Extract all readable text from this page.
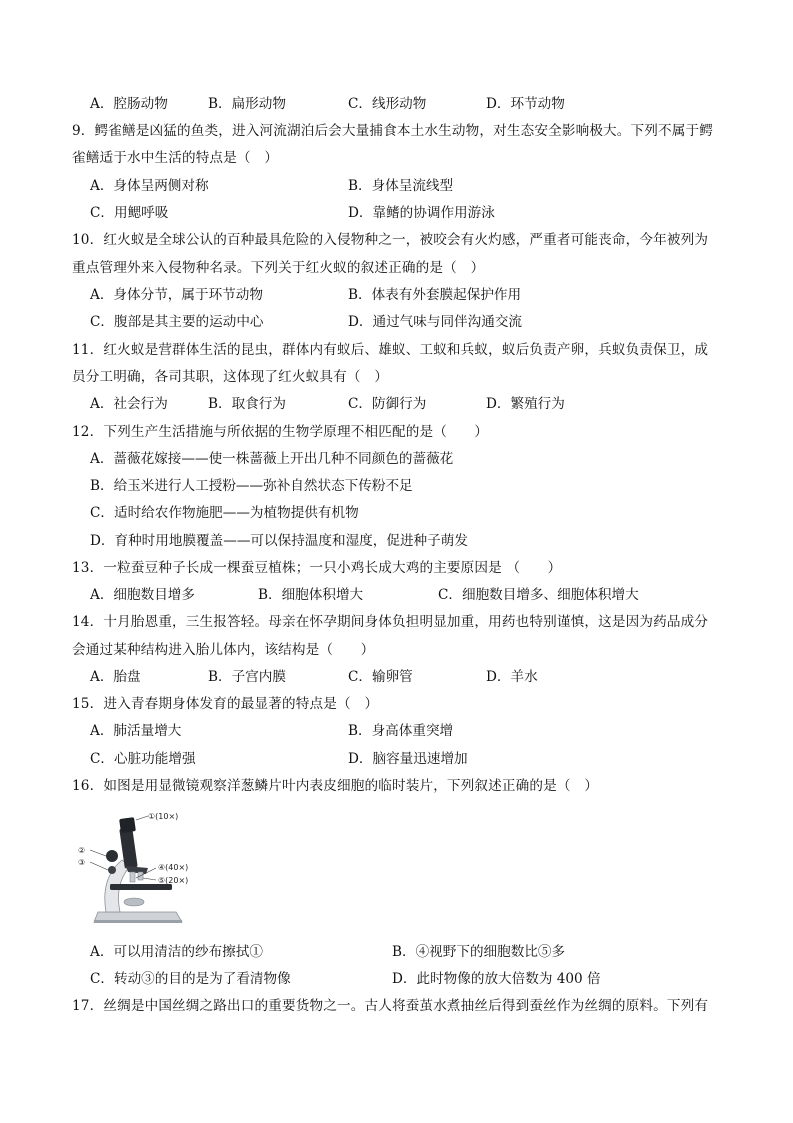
A．腔肠动物	B．扁形动物	C．线形动物	D．环节动物
9．鳄雀鳝是凶猛的鱼类，进入河流湖泊后会大量捕食本土水生动物，对生态安全影响极大。下列不属于鳄
雀鳝适于水中生活的特点是（　）
A．身体呈两侧对称	B．身体呈流线型
C．用鳃呼吸	D．靠鳍的协调作用游泳
10．红火蚁是全球公认的百种最具危险的入侵物种之一，被咬会有火灼感，严重者可能丧命，今年被列为
重点管理外来入侵物种名录。下列关于红火蚁的叙述正确的是（　）
A．身体分节，属于环节动物	B．体表有外套膜起保护作用
C．腹部是其主要的运动中心	D．通过气味与同伴沟通交流
11．红火蚁是营群体生活的昆虫，群体内有蚁后、雄蚁、工蚁和兵蚁，蚁后负责产卵，兵蚁负责保卫，成
员分工明确，各司其职，这体现了红火蚁具有（　）
A．社会行为	B．取食行为	C．防御行为	D．繁殖行为
12．下列生产生活措施与所依据的生物学原理不相匹配的是（　　）
A．蔷薇花嫁接——使一株蔷薇上开出几种不同颜色的蔷薇花
B．给玉米进行人工授粉——弥补自然状态下传粉不足
C．适时给农作物施肥——为植物提供有机物
D．育种时用地膜覆盖——可以保持温度和湿度，促进种子萌发
13．一粒蚕豆种子长成一棵蚕豆植株；一只小鸡长成大鸡的主要原因是 （　　）
A．细胞数目增多	B．细胞体积增大	C．细胞数目增多、细胞体积增大
14．十月胎恩重，三生报答轻。母亲在怀孕期间身体负担明显加重，用药也特别谨慎，这是因为药品成分
会通过某种结构进入胎儿体内，该结构是（　　）
A．胎盘	B．子宫内膜	C．输卵管	D．羊水
15．进入青春期身体发育的最显著的特点是（　）
A．肺活量增大	B．身高体重突增
C．心脏功能增强	D．脑容量迅速增加
16．如图是用显微镜观察洋葱鳞片叶内表皮细胞的临时装片，下列叙述正确的是（　）
①(10×)
②
③
④(40×)
⑤(20×)
A．可以用清洁的纱布擦拭①	B．④视野下的细胞数比⑤多
C．转动③的目的是为了看清物像	D．此时物像的放大倍数为 400 倍
17．丝绸是中国丝绸之路出口的重要货物之一。古人将蚕茧水煮抽丝后得到蚕丝作为丝绸的原料。下列有
